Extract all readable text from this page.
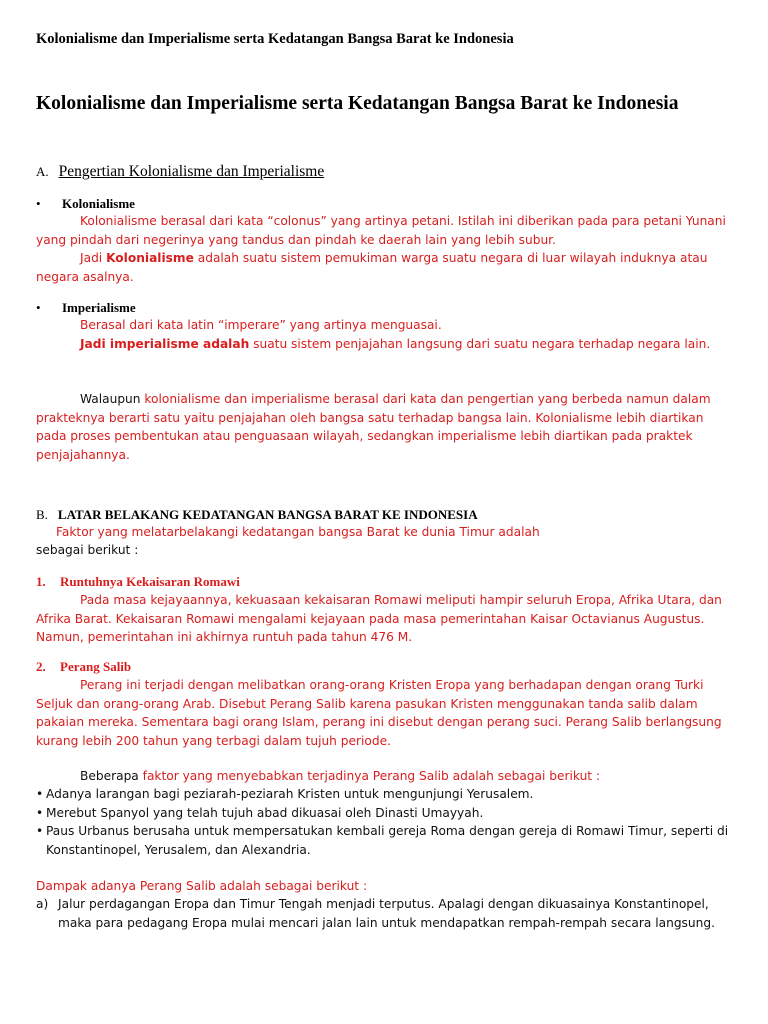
Kolonialisme dan Imperialisme serta Kedatangan Bangsa Barat ke Indonesia
Kolonialisme dan Imperialisme serta Kedatangan Bangsa Barat ke Indonesia
A. Pengertian Kolonialisme dan Imperialisme
• Kolonialisme
Kolonialisme berasal dari kata “colonus” yang artinya petani. Istilah ini diberikan pada para petani Yunani yang pindah dari negerinya yang tandus dan pindah ke daerah lain yang lebih subur.
Jadi Kolonialisme adalah suatu sistem pemukiman warga suatu negara di luar wilayah induknya atau negara asalnya.
• Imperialisme
Berasal dari kata latin “imperare” yang artinya menguasai.
Jadi imperialisme adalah suatu sistem penjajahan langsung dari suatu negara terhadap negara lain.
Walaupun kolonialisme dan imperialisme berasal dari kata dan pengertian yang berbeda namun dalam prakteknya berarti satu yaitu penjajahan oleh bangsa satu terhadap bangsa lain. Kolonialisme lebih diartikan pada proses pembentukan atau penguasaan wilayah, sedangkan imperialisme lebih diartikan pada praktek penjajahannya.
B. LATAR BELAKANG KEDATANGAN BANGSA BARAT KE INDONESIA
Faktor yang melatarbelakangi kedatangan bangsa Barat ke dunia Timur adalah
sebagai berikut :
1. Runtuhnya Kekaisaran Romawi
Pada masa kejayaannya, kekuasaan kekaisaran Romawi meliputi hampir seluruh Eropa, Afrika Utara, dan Afrika Barat. Kekaisaran Romawi mengalami kejayaan pada masa pemerintahan Kaisar Octavianus Augustus. Namun, pemerintahan ini akhirnya runtuh pada tahun 476 M.
2. Perang Salib
Perang ini terjadi dengan melibatkan orang-orang Kristen Eropa yang berhadapan dengan orang Turki Seljuk dan orang-orang Arab. Disebut Perang Salib karena pasukan Kristen menggunakan tanda salib dalam pakaian mereka. Sementara bagi orang Islam, perang ini disebut dengan perang suci. Perang Salib berlangsung kurang lebih 200 tahun yang terbagi dalam tujuh periode.
Beberapa faktor yang menyebabkan terjadinya Perang Salib adalah sebagai berikut :
• Adanya larangan bagi peziarah-peziarah Kristen untuk mengunjungi Yerusalem.
• Merebut Spanyol yang telah tujuh abad dikuasai oleh Dinasti Umayyah.
• Paus Urbanus berusaha untuk mempersatukan kembali gereja Roma dengan gereja di Romawi Timur, seperti di Konstantinopel, Yerusalem, dan Alexandria.
Dampak adanya Perang Salib adalah sebagai berikut :
a) Jalur perdagangan Eropa dan Timur Tengah menjadi terputus. Apalagi dengan dikuasainya Konstantinopel, maka para pedagang Eropa mulai mencari jalan lain untuk mendapatkan rempah-rempah secara langsung.
